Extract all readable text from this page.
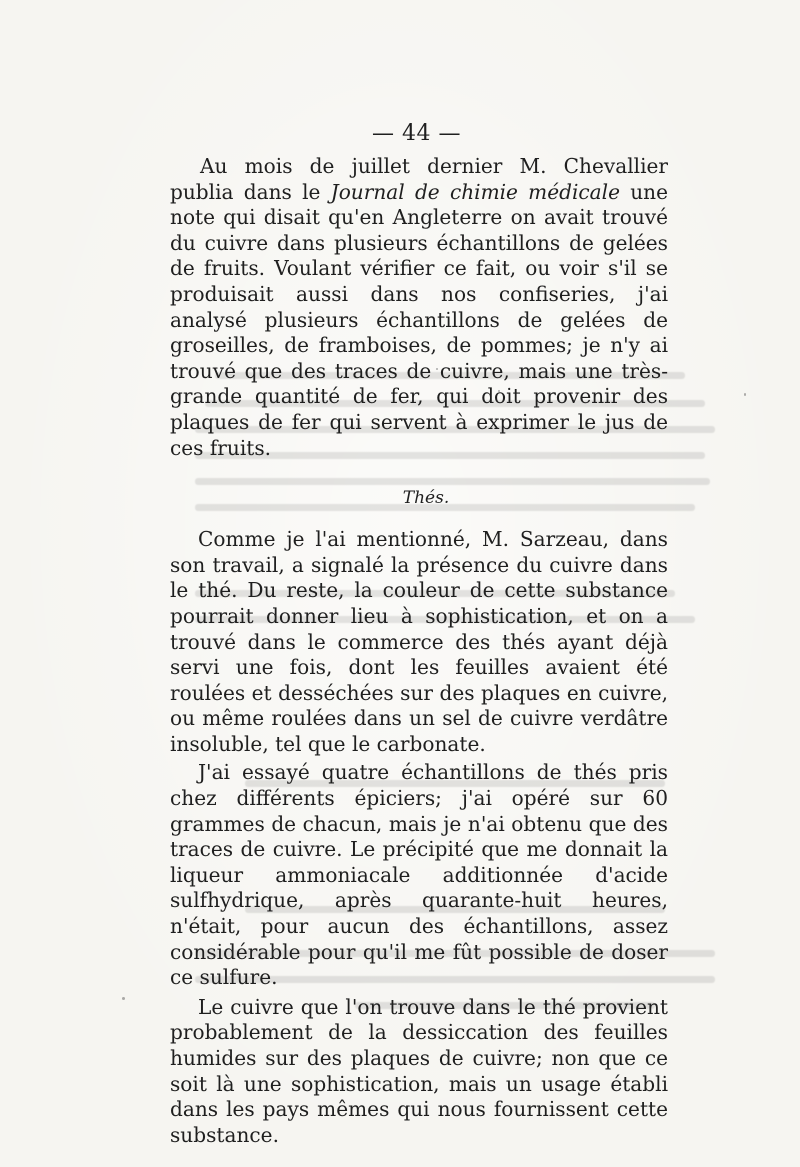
— 44 —

Au mois de juillet dernier M. Chevallier publia dans le Journal de chimie médicale une note qui disait qu'en Angleterre on avait trouvé du cuivre dans plusieurs échantillons de gelées de fruits. Voulant vérifier ce fait, ou voir s'il se produisait aussi dans nos confiseries, j'ai analysé plusieurs échantillons de gelées de groseilles, de framboises, de pommes; je n'y ai trouvé que des traces de cuivre, mais une très-grande quantité de fer, qui doit provenir des plaques de fer qui servent à exprimer le jus de ces fruits.

Thés.

Comme je l'ai mentionné, M. Sarzeau, dans son travail, a signalé la présence du cuivre dans le thé. Du reste, la couleur de cette substance pourrait donner lieu à sophistication, et on a trouvé dans le commerce des thés ayant déjà servi une fois, dont les feuilles avaient été roulées et desséchées sur des plaques en cuivre, ou même roulées dans un sel de cuivre verdâtre insoluble, tel que le carbonate.

J'ai essayé quatre échantillons de thés pris chez différents épiciers; j'ai opéré sur 60 grammes de chacun, mais je n'ai obtenu que des traces de cuivre. Le précipité que me donnait la liqueur ammoniacale additionnée d'acide sulfhydrique, après quarante-huit heures, n'était, pour aucun des échantillons, assez considérable pour qu'il me fût possible de doser ce sulfure.

Le cuivre que l'on trouve dans le thé provient probablement de la dessiccation des feuilles humides sur des plaques de cuivre; non que ce soit là une sophistication, mais un usage établi dans les pays mêmes qui nous fournissent cette substance.
